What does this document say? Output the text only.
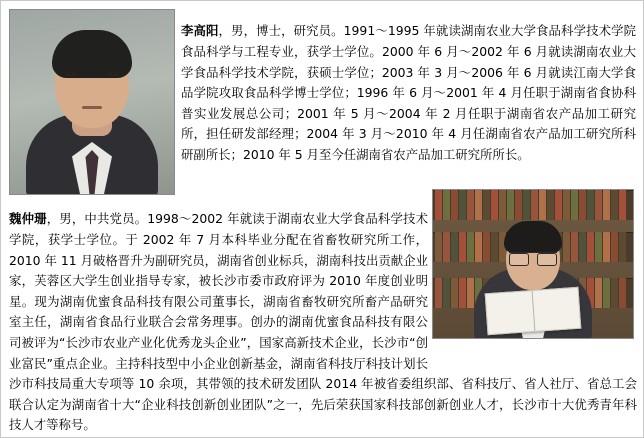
李高阳，男，博士，研究员。1991～1995 年就读湖南农业大学食品科学技术学院食品科学与工程专业，获学士学位。2000 年 6 月～2002 年 6 月就读湖南农业大学食品科学技术学院，获硕士学位；2003 年 3 月～2006 年 6 月就读江南大学食品学院攻取食品科学博士学位；1996 年 6 月～2001 年 4 月任职于湖南省食协科普实业发展总公司；2001 年 5 月～2004 年 2 月任职于湖南省农产品加工研究所，担任研发部经理；2004 年 3 月～2010 年 4 月任湖南省农产品加工研究所科研副所长；2010 年 5 月至今任湖南省农产品加工研究所所长。

魏仲珊，男，中共党员。1998～2002 年就读于湖南农业大学食品科学技术学院，获学士学位。于 2002 年 7 月本科毕业分配在省畜牧研究所工作，2010 年 11 月破格晋升为副研究员，湖南省创业标兵，湖南科技出贡献企业家，芙蓉区大学生创业指导专家，被长沙市委市政府评为 2010 年度创业明星。现为湖南优蜜食品科技有限公司董事长，湖南省畜牧研究所畜产品研究室主任，湖南省食品行业联合会常务理事。创办的湖南优蜜食品科技有限公司被评为“长沙市农业产业化优秀龙头企业”，国家高新技术企业，长沙市“创业富民”重点企业。主持科技型中小企业创新基金，湖南省科技厅科技计划长沙市科技局重大专项等 10 余项，其带领的技术研发团队 2014 年被省委组织部、省科技厅、省人社厅、省总工会联合认定为湖南省十大“企业科技创新创业团队”之一，先后荣获国家科技部创新创业人才，长沙市十大优秀青年科技人才等称号。
